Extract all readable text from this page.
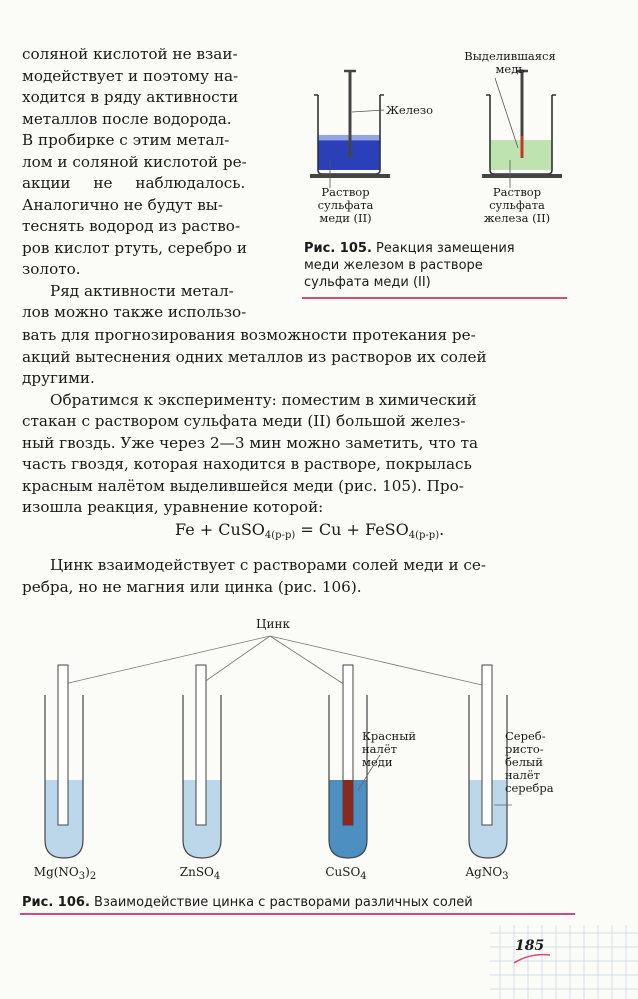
соляной кислотой не взаи-
модействует и поэтому на-
ходится в ряду активности
металлов после водорода.
В пробирке с этим метал-
лом и соляной кислотой ре-
акции не наблюдалось.
Аналогично не будут вы-
теснять водород из раство-
ров кислот ртуть, серебро и
золото.
Ряд активности метал-
лов можно также использо-
Железо
Выделившаяся медь
Раствор
сульфата
меди (II)
Раствор
сульфата
железа (II)
Рис. 105. Реакция замещения
меди железом в растворе
сульфата меди (II)
вать для прогнозирования возможности протекания ре-
акций вытеснения одних металлов из растворов их солей
другими.
Обратимся к эксперименту: поместим в химический
стакан с раствором сульфата меди (II) большой желез-
ный гвоздь. Уже через 2—3 мин можно заметить, что та
часть гвоздя, которая находится в растворе, покрылась
красным налётом выделившейся меди (рис. 105). Про-
изошла реакция, уравнение которой:
Fe + CuSO$_{4(р-р)}$ = Cu + FeSO$_{4(р-р)}$.
Цинк взаимодействует с растворами солей меди и се-
ребра, но не магния или цинка (рис. 106).
Цинк
Красный
налёт
меди
Сереб-
ристо-
белый
налёт
серебра
$Mg(NO_3)_2$	ZnSO$_4$	CuSO$_4$	AgNO$_3$
Рис. 106. Взаимодействие цинка с растворами различных солей
185
